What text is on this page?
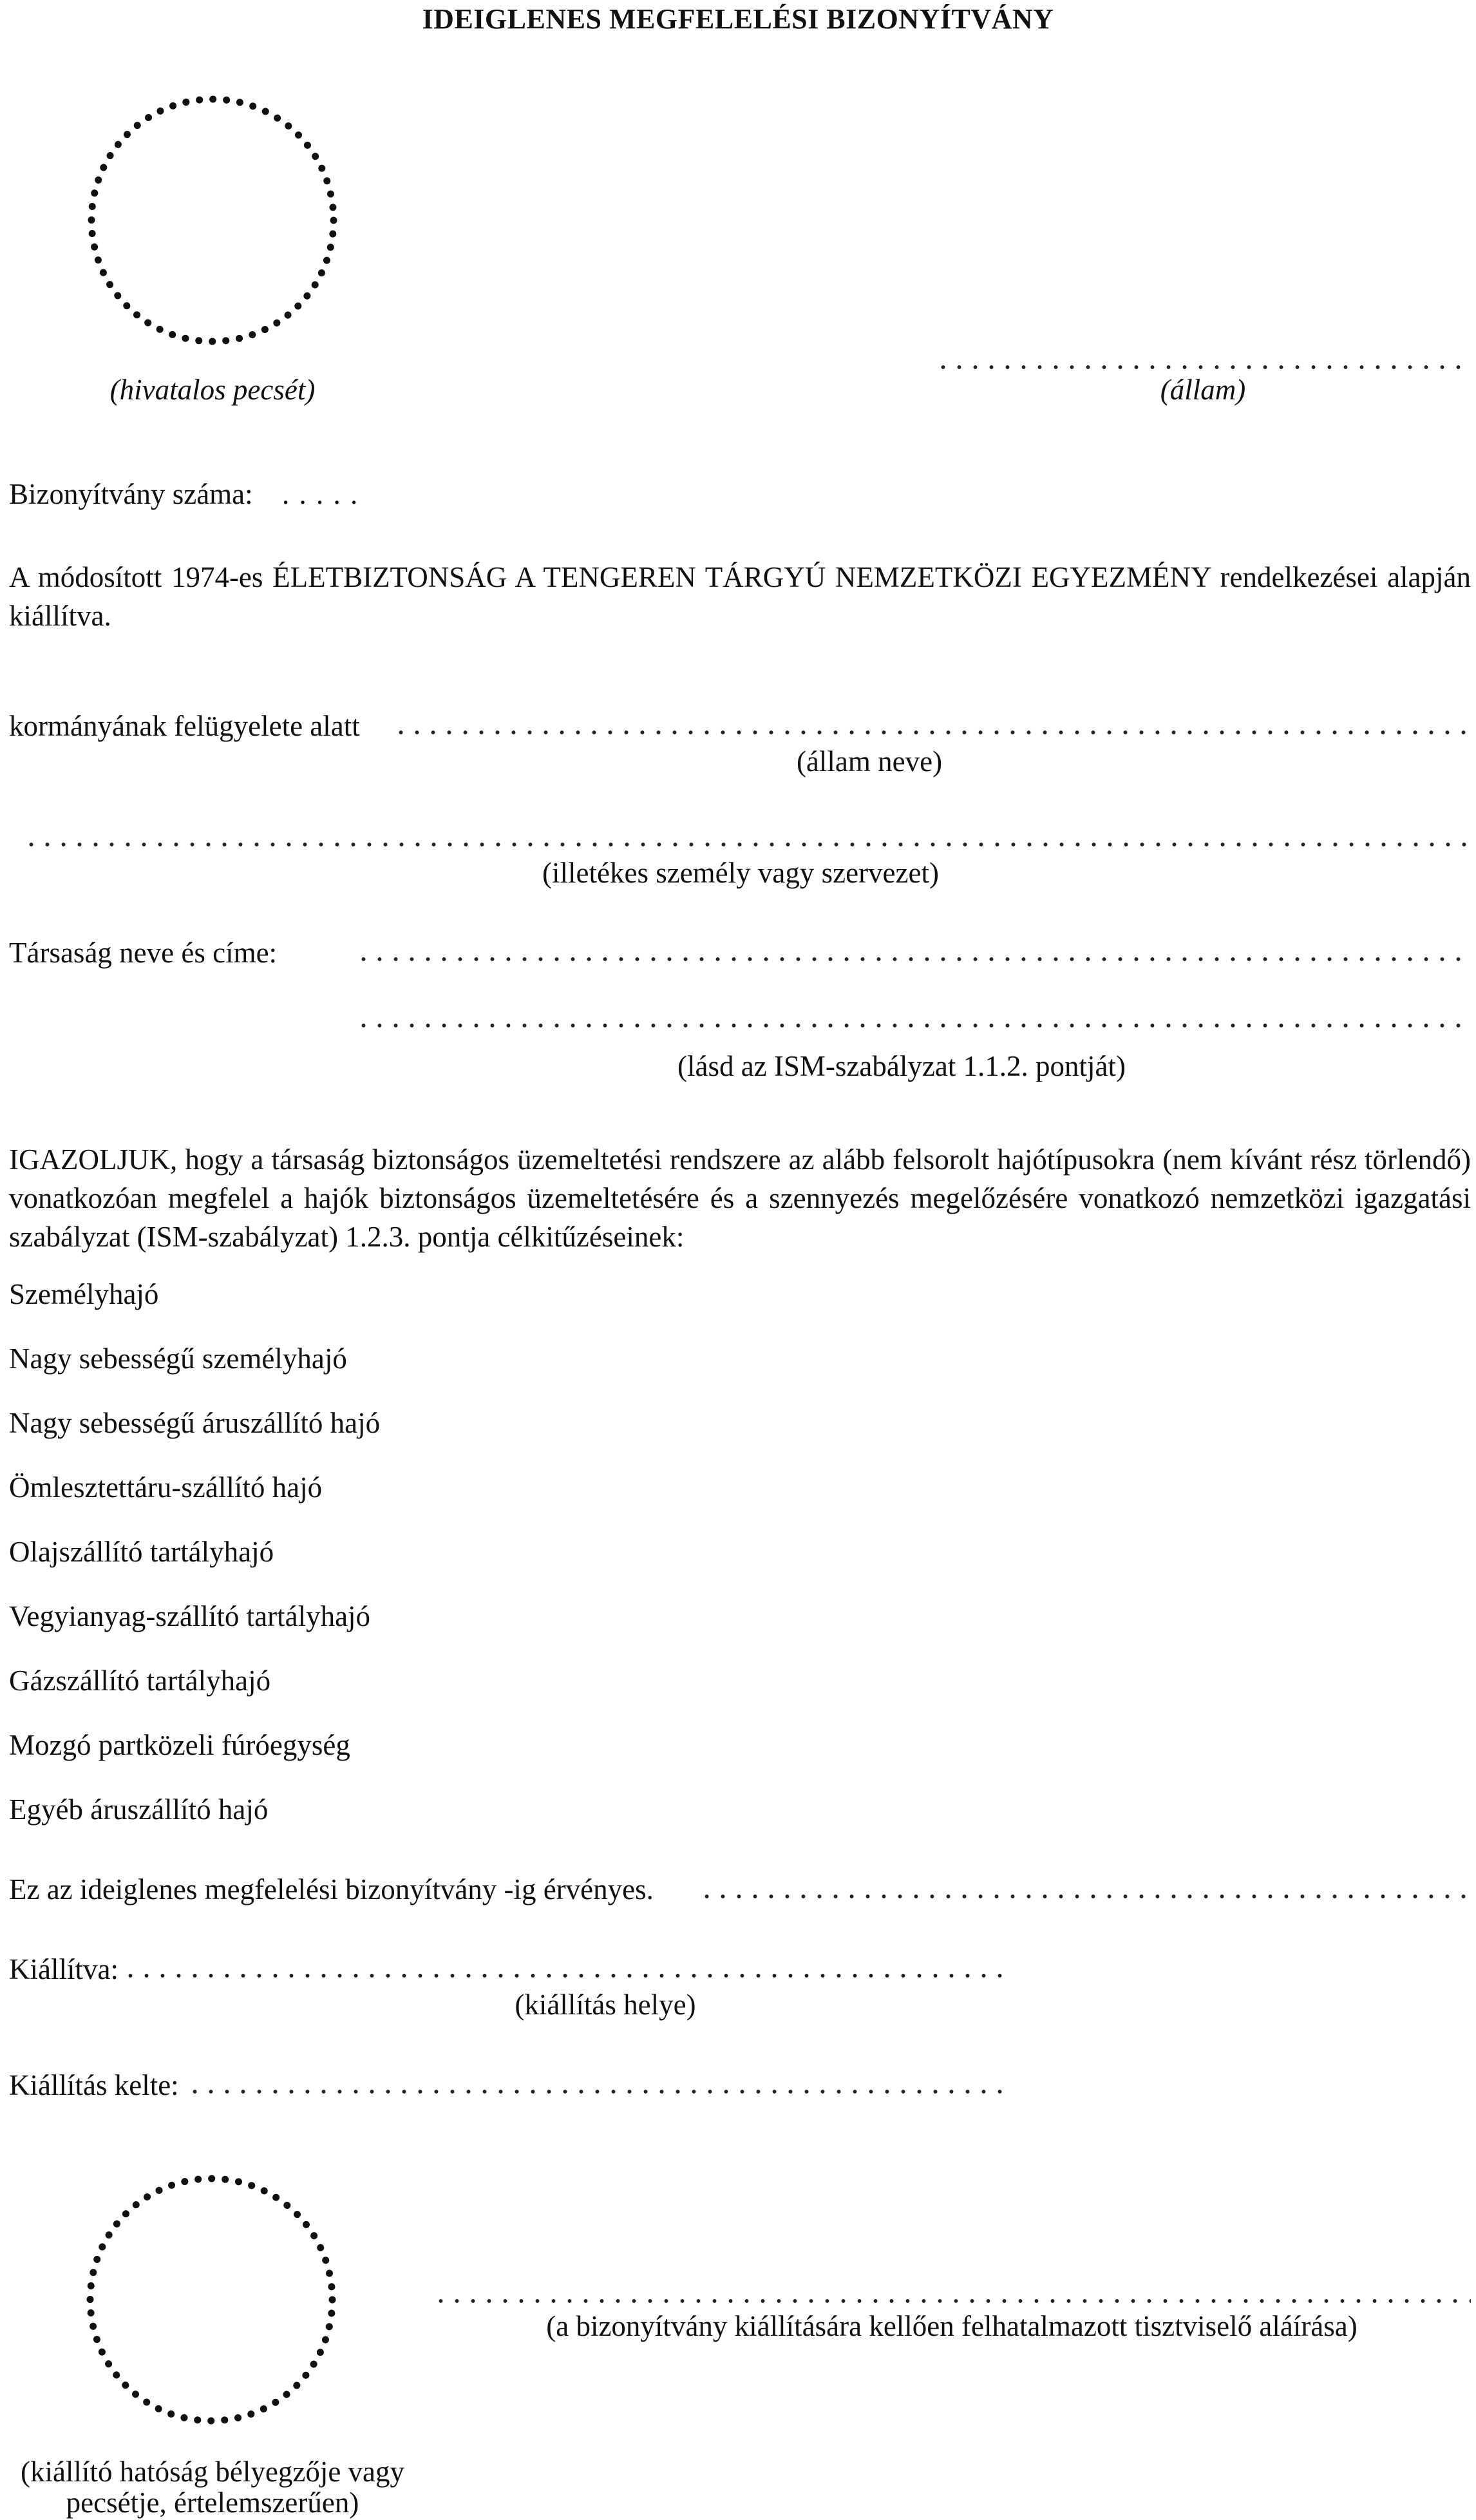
IDEIGLENES MEGFELELÉSI BIZONYÍTVÁNY
(hivatalos pecsét)	(állam)
Bizonyítvány száma: . . . . .
A módosított 1974-es ÉLETBIZTONSÁG A TENGEREN TÁRGYÚ NEMZETKÖZI EGYEZMÉNY rendelkezései alapján kiállítva.
kormányának felügyelete alatt
(állam neve)
(illetékes személy vagy szervezet)
Társaság neve és címe:
(lásd az ISM-szabályzat 1.1.2. pontját)
IGAZOLJUK, hogy a társaság biztonságos üzemeltetési rendszere az alább felsorolt hajótípusokra (nem kívánt rész törlendő) vonatkozóan megfelel a hajók biztonságos üzemeltetésére és a szennyezés megelőzésére vonatkozó nemzetközi igazgatási szabályzat (ISM-szabályzat) 1.2.3. pontja célkitűzéseinek:
Személyhajó
Nagy sebességű személyhajó
Nagy sebességű áruszállító hajó
Ömlesztettáru-szállító hajó
Olajszállító tartályhajó
Vegyianyag-szállító tartályhajó
Gázszállító tartályhajó
Mozgó partközeli fúróegység
Egyéb áruszállító hajó
Ez az ideiglenes megfelelési bizonyítvány -ig érvényes.
Kiállítva:
(kiállítás helye)
Kiállítás kelte:
(a bizonyítvány kiállítására kellően felhatalmazott tisztviselő aláírása)
(kiállító hatóság bélyegzője vagy
pecsétje, értelemszerűen)
